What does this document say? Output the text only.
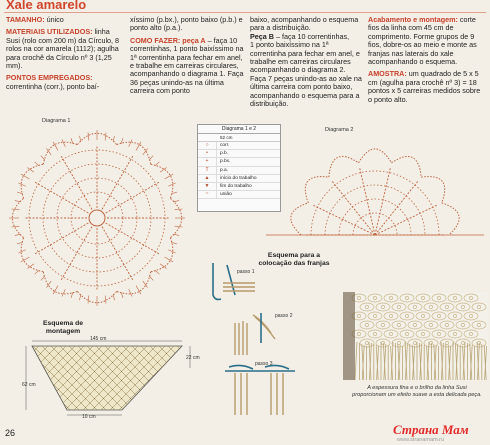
Xale amarelo

TAMANHO: único

MATERIAIS UTILIZADOS: linha Susi (rolo com 200 m) da Círculo, 8 rolos na cor amarela (1112); agulha para crochê da Círculo nº 3 (1,25 mm).

PONTOS EMPREGADOS:
correntinha (corr.), ponto baí-

xíssimo (p.bx.), ponto baixo (p.b.) e ponto alto (p.a.).

COMO FAZER: peça A – faça 10 correntinhas, 1 ponto baixíssimo na 1ª correntinha para fechar em anel, e trabalhe em carreiras circulares, acompanhando o diagrama 1. Faça 36 peças unindo-as na última carreira com ponto

baixo, acompanhando o esquema para a distribuição.
Peça B – faça 10 correntinhas,
1 ponto baixíssimo na 1ª correntinha para fechar em anel, e trabalhe em carreiras circulares acompanhando o diagrama 2. Faça 7 peças unindo-as ao xale na última carreira com ponto baixo, acompanhando o esquema para a distribuição.

Acabamento e montagem: corte fios da linha com 45 cm de comprimento. Forme grupos de 9 fios, dobre-os ao meio e monte as franjas nas laterais do xale acompanhando o esquema.

AMOSTRA: um quadrado de 5 x 5 cm (agulha para crochê nº 3) = 18 pontos x 5 carreiras medidos sobre o ponto alto.

Diagrama 1
Diagrama 1 e 2
52 cm
○	corr.
•	p.b.
+	p.bx.
T	p.a.
▲	início do trabalho
▼	fim do trabalho
~	união
Diagrama 2
Esquema de montagem
145 cm
22 cm
62 cm
10 cm
Esquema para a colocação das franjas
passo 1
passo 2
passo 3
A espessura fina e o brilho da linha Susi proporcionam um efeito suave a esta delicada peça.
26	Страна Мам
www.stranamam.ru
